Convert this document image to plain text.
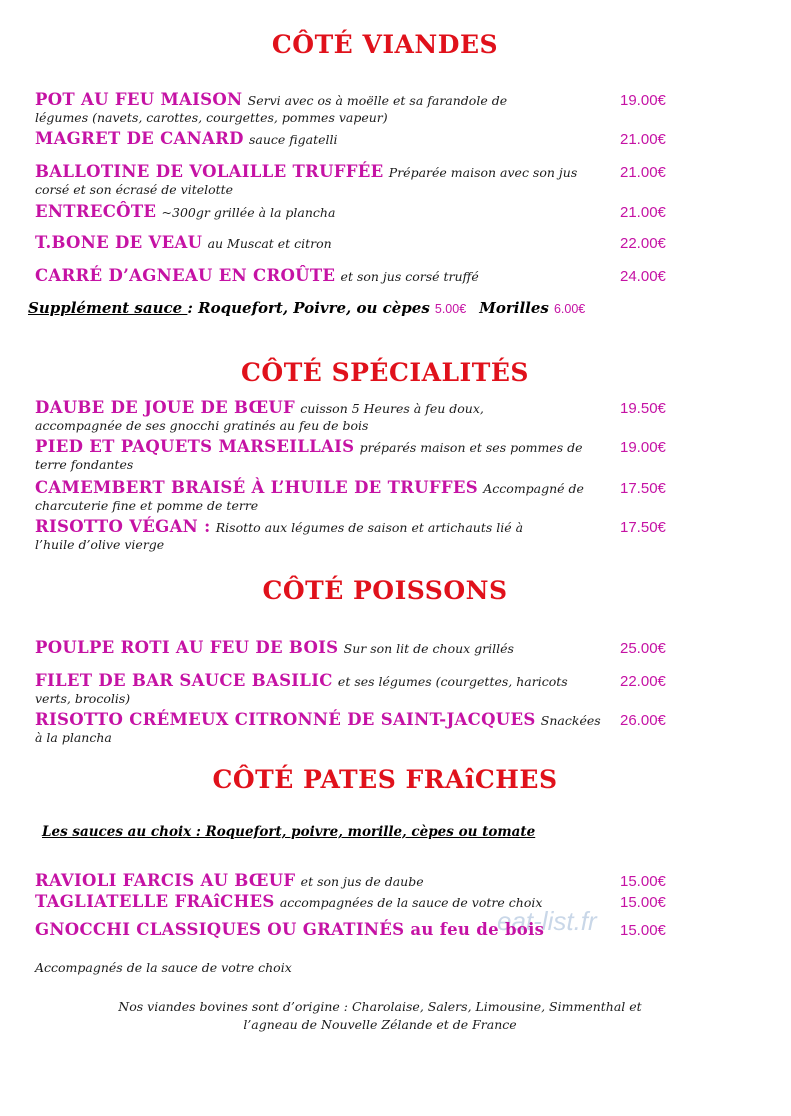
CÔTÉ VIANDES
POT AU FEU MAISON Servi avec os à moëlle et sa farandole de
légumes (navets, carottes, courgettes, pommes vapeur)
19.00€
MAGRET DE CANARD sauce figatelli	21.00€
BALLOTINE DE VOLAILLE TRUFFÉE Préparée maison avec son jus
corsé et son écrasé de vitelotte
21.00€
ENTRECÔTE ~300gr grillée à la plancha	21.00€
T.BONE DE VEAU au Muscat et citron	22.00€
CARRÉ D’AGNEAU EN CROÛTE et son jus corsé truffé	24.00€
Supplément sauce : Roquefort, Poivre, ou cèpes 5.00€ Morilles 6.00€
CÔTÉ SPÉCIALITÉS
DAUBE DE JOUE DE BŒUF cuisson 5 Heures à feu doux,
accompagnée de ses gnocchi gratinés au feu de bois
19.50€
PIED ET PAQUETS MARSEILLAIS préparés maison et ses pommes de
terre fondantes
19.00€
CAMEMBERT BRAISÉ À L’HUILE DE TRUFFES Accompagné de
charcuterie fine et pomme de terre
17.50€
RISOTTO VÉGAN : Risotto aux légumes de saison et artichauts lié à
l’huile d’olive vierge
17.50€
CÔTÉ POISSONS
POULPE ROTI AU FEU DE BOIS Sur son lit de choux grillés	25.00€
FILET DE BAR SAUCE BASILIC et ses légumes (courgettes, haricots
verts, brocolis)
22.00€
RISOTTO CRÉMEUX CITRONNÉ DE SAINT-JACQUES Snackées
à la plancha
26.00€
CÔTÉ PATES FRAîCHES
Les sauces au choix : Roquefort, poivre, morille, cèpes ou tomate
RAVIOLI FARCIS AU BŒUF et son jus de daube	15.00€
TAGLIATELLE FRAîCHES accompagnées de la sauce de votre choix	15.00€
eat-list.fr
GNOCCHI CLASSIQUES OU GRATINÉS au feu de bois	15.00€
Accompagnés de la sauce de votre choix
Nos viandes bovines sont d’origine : Charolaise, Salers, Limousine, Simmenthal et
l’agneau de Nouvelle Zélande et de France
